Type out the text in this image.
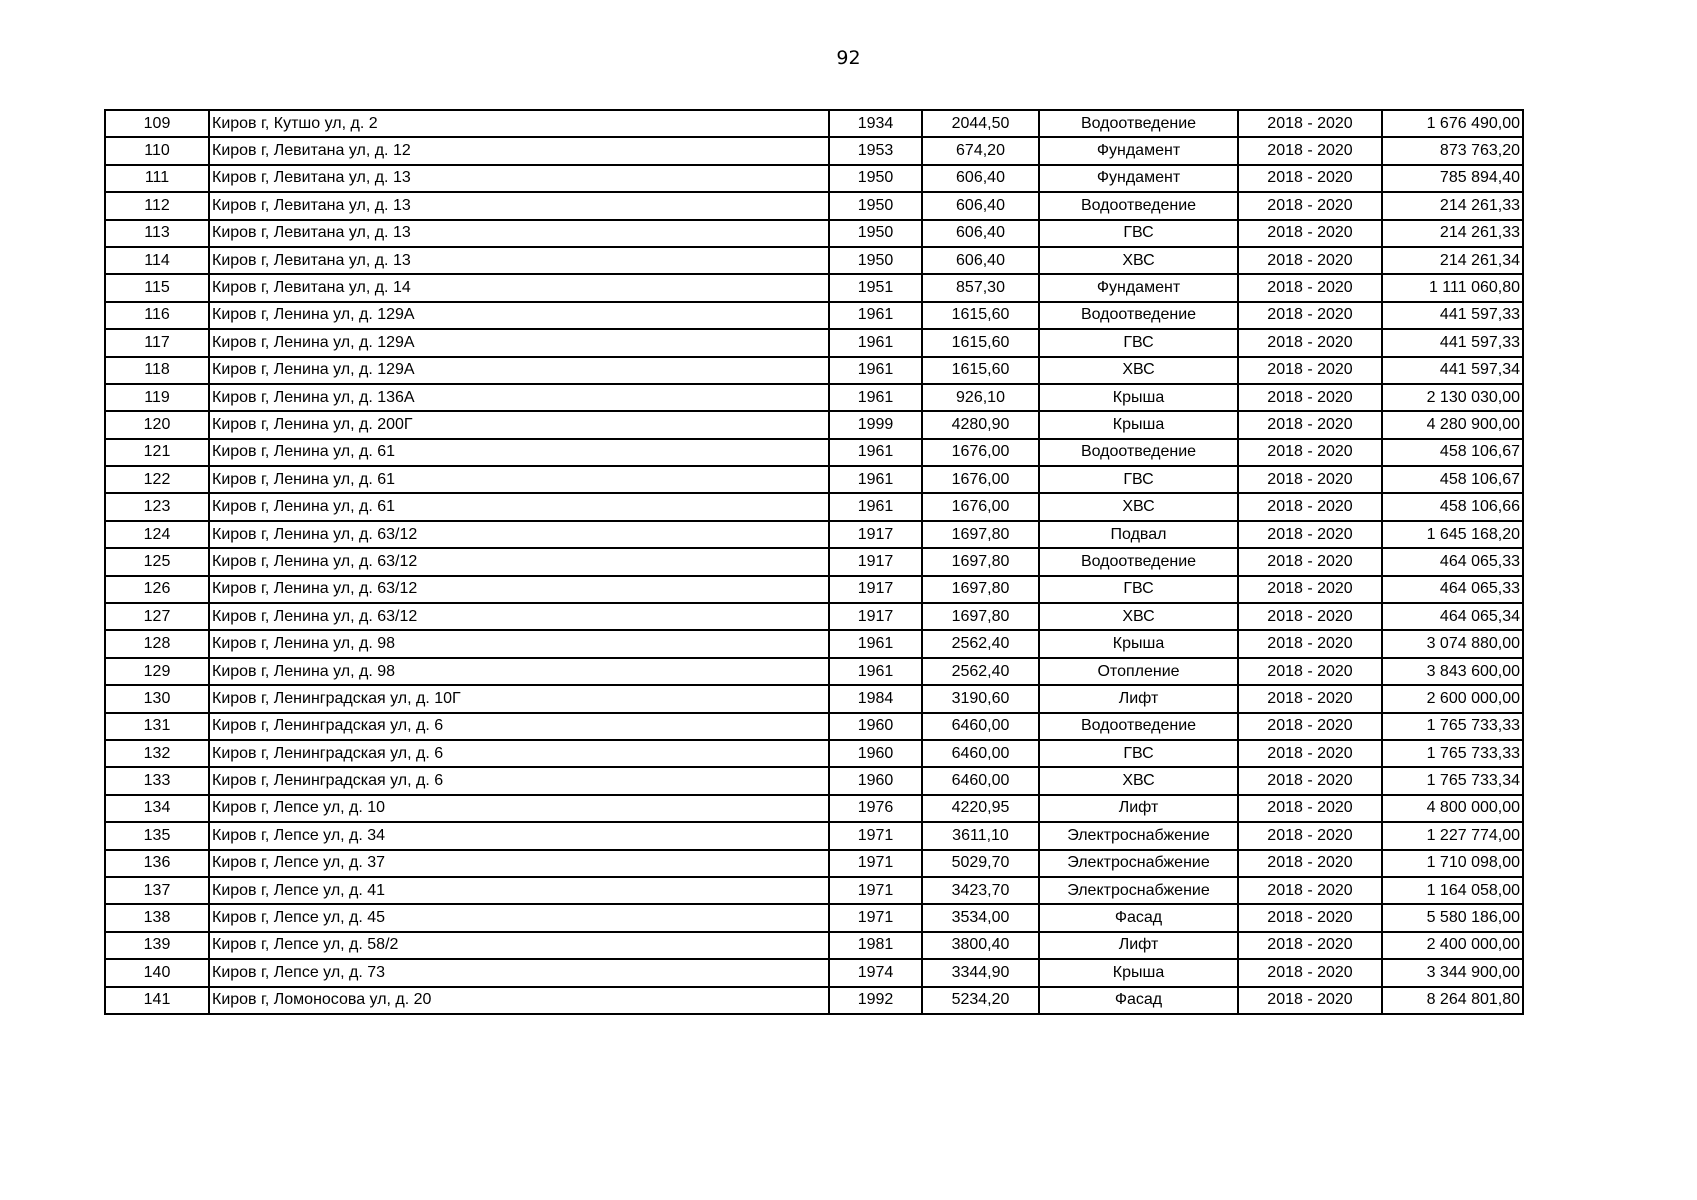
92
109	Киров г, Кутшо ул, д. 2	1934	2044,50	Водоотведение	2018 - 2020	1 676 490,00
110	Киров г, Левитана ул, д. 12	1953	674,20	Фундамент	2018 - 2020	873 763,20
111	Киров г, Левитана ул, д. 13	1950	606,40	Фундамент	2018 - 2020	785 894,40
112	Киров г, Левитана ул, д. 13	1950	606,40	Водоотведение	2018 - 2020	214 261,33
113	Киров г, Левитана ул, д. 13	1950	606,40	ГВС	2018 - 2020	214 261,33
114	Киров г, Левитана ул, д. 13	1950	606,40	ХВС	2018 - 2020	214 261,34
115	Киров г, Левитана ул, д. 14	1951	857,30	Фундамент	2018 - 2020	1 111 060,80
116	Киров г, Ленина ул, д. 129А	1961	1615,60	Водоотведение	2018 - 2020	441 597,33
117	Киров г, Ленина ул, д. 129А	1961	1615,60	ГВС	2018 - 2020	441 597,33
118	Киров г, Ленина ул, д. 129А	1961	1615,60	ХВС	2018 - 2020	441 597,34
119	Киров г, Ленина ул, д. 136А	1961	926,10	Крыша	2018 - 2020	2 130 030,00
120	Киров г, Ленина ул, д. 200Г	1999	4280,90	Крыша	2018 - 2020	4 280 900,00
121	Киров г, Ленина ул, д. 61	1961	1676,00	Водоотведение	2018 - 2020	458 106,67
122	Киров г, Ленина ул, д. 61	1961	1676,00	ГВС	2018 - 2020	458 106,67
123	Киров г, Ленина ул, д. 61	1961	1676,00	ХВС	2018 - 2020	458 106,66
124	Киров г, Ленина ул, д. 63/12	1917	1697,80	Подвал	2018 - 2020	1 645 168,20
125	Киров г, Ленина ул, д. 63/12	1917	1697,80	Водоотведение	2018 - 2020	464 065,33
126	Киров г, Ленина ул, д. 63/12	1917	1697,80	ГВС	2018 - 2020	464 065,33
127	Киров г, Ленина ул, д. 63/12	1917	1697,80	ХВС	2018 - 2020	464 065,34
128	Киров г, Ленина ул, д. 98	1961	2562,40	Крыша	2018 - 2020	3 074 880,00
129	Киров г, Ленина ул, д. 98	1961	2562,40	Отопление	2018 - 2020	3 843 600,00
130	Киров г, Ленинградская ул, д. 10Г	1984	3190,60	Лифт	2018 - 2020	2 600 000,00
131	Киров г, Ленинградская ул, д. 6	1960	6460,00	Водоотведение	2018 - 2020	1 765 733,33
132	Киров г, Ленинградская ул, д. 6	1960	6460,00	ГВС	2018 - 2020	1 765 733,33
133	Киров г, Ленинградская ул, д. 6	1960	6460,00	ХВС	2018 - 2020	1 765 733,34
134	Киров г, Лепсе ул, д. 10	1976	4220,95	Лифт	2018 - 2020	4 800 000,00
135	Киров г, Лепсе ул, д. 34	1971	3611,10	Электроснабжение	2018 - 2020	1 227 774,00
136	Киров г, Лепсе ул, д. 37	1971	5029,70	Электроснабжение	2018 - 2020	1 710 098,00
137	Киров г, Лепсе ул, д. 41	1971	3423,70	Электроснабжение	2018 - 2020	1 164 058,00
138	Киров г, Лепсе ул, д. 45	1971	3534,00	Фасад	2018 - 2020	5 580 186,00
139	Киров г, Лепсе ул, д. 58/2	1981	3800,40	Лифт	2018 - 2020	2 400 000,00
140	Киров г, Лепсе ул, д. 73	1974	3344,90	Крыша	2018 - 2020	3 344 900,00
141	Киров г, Ломоносова ул, д. 20	1992	5234,20	Фасад	2018 - 2020	8 264 801,80
